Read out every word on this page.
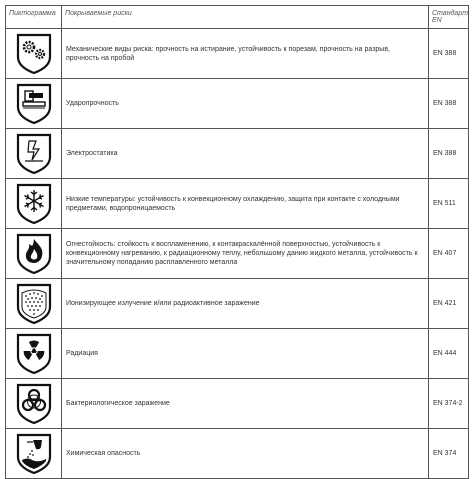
Пиктограмма	Покрываемые риски	Стандарт EN

	Механические виды риска: прочность на истирание, устойчивость к порезам, прочность на разрыв, прочность на пробой	EN 388

	Ударопрочность	EN 388

	Электростатика	EN 388

	Низкие температуры: устойчивость к конвекционному охлаждению, защита при контакте с холодными предметами, водопроницаемость	EN 511

	Огнестойкость: стойкость к воспламенению, к контакраскалённой поверхностью, устойчивость к конвекционному нагреванию, к радиационному теплу, небольшому данию жидкого металла, устойчивость к значительному попаданию расплавленного металла	EN 407

	Ионизирующее излучение и/или радиоактивное заражение	EN 421

	Радиация	EN 444

	Бактериологическое заражение	EN 374-2

	Химическая опасность	EN 374
